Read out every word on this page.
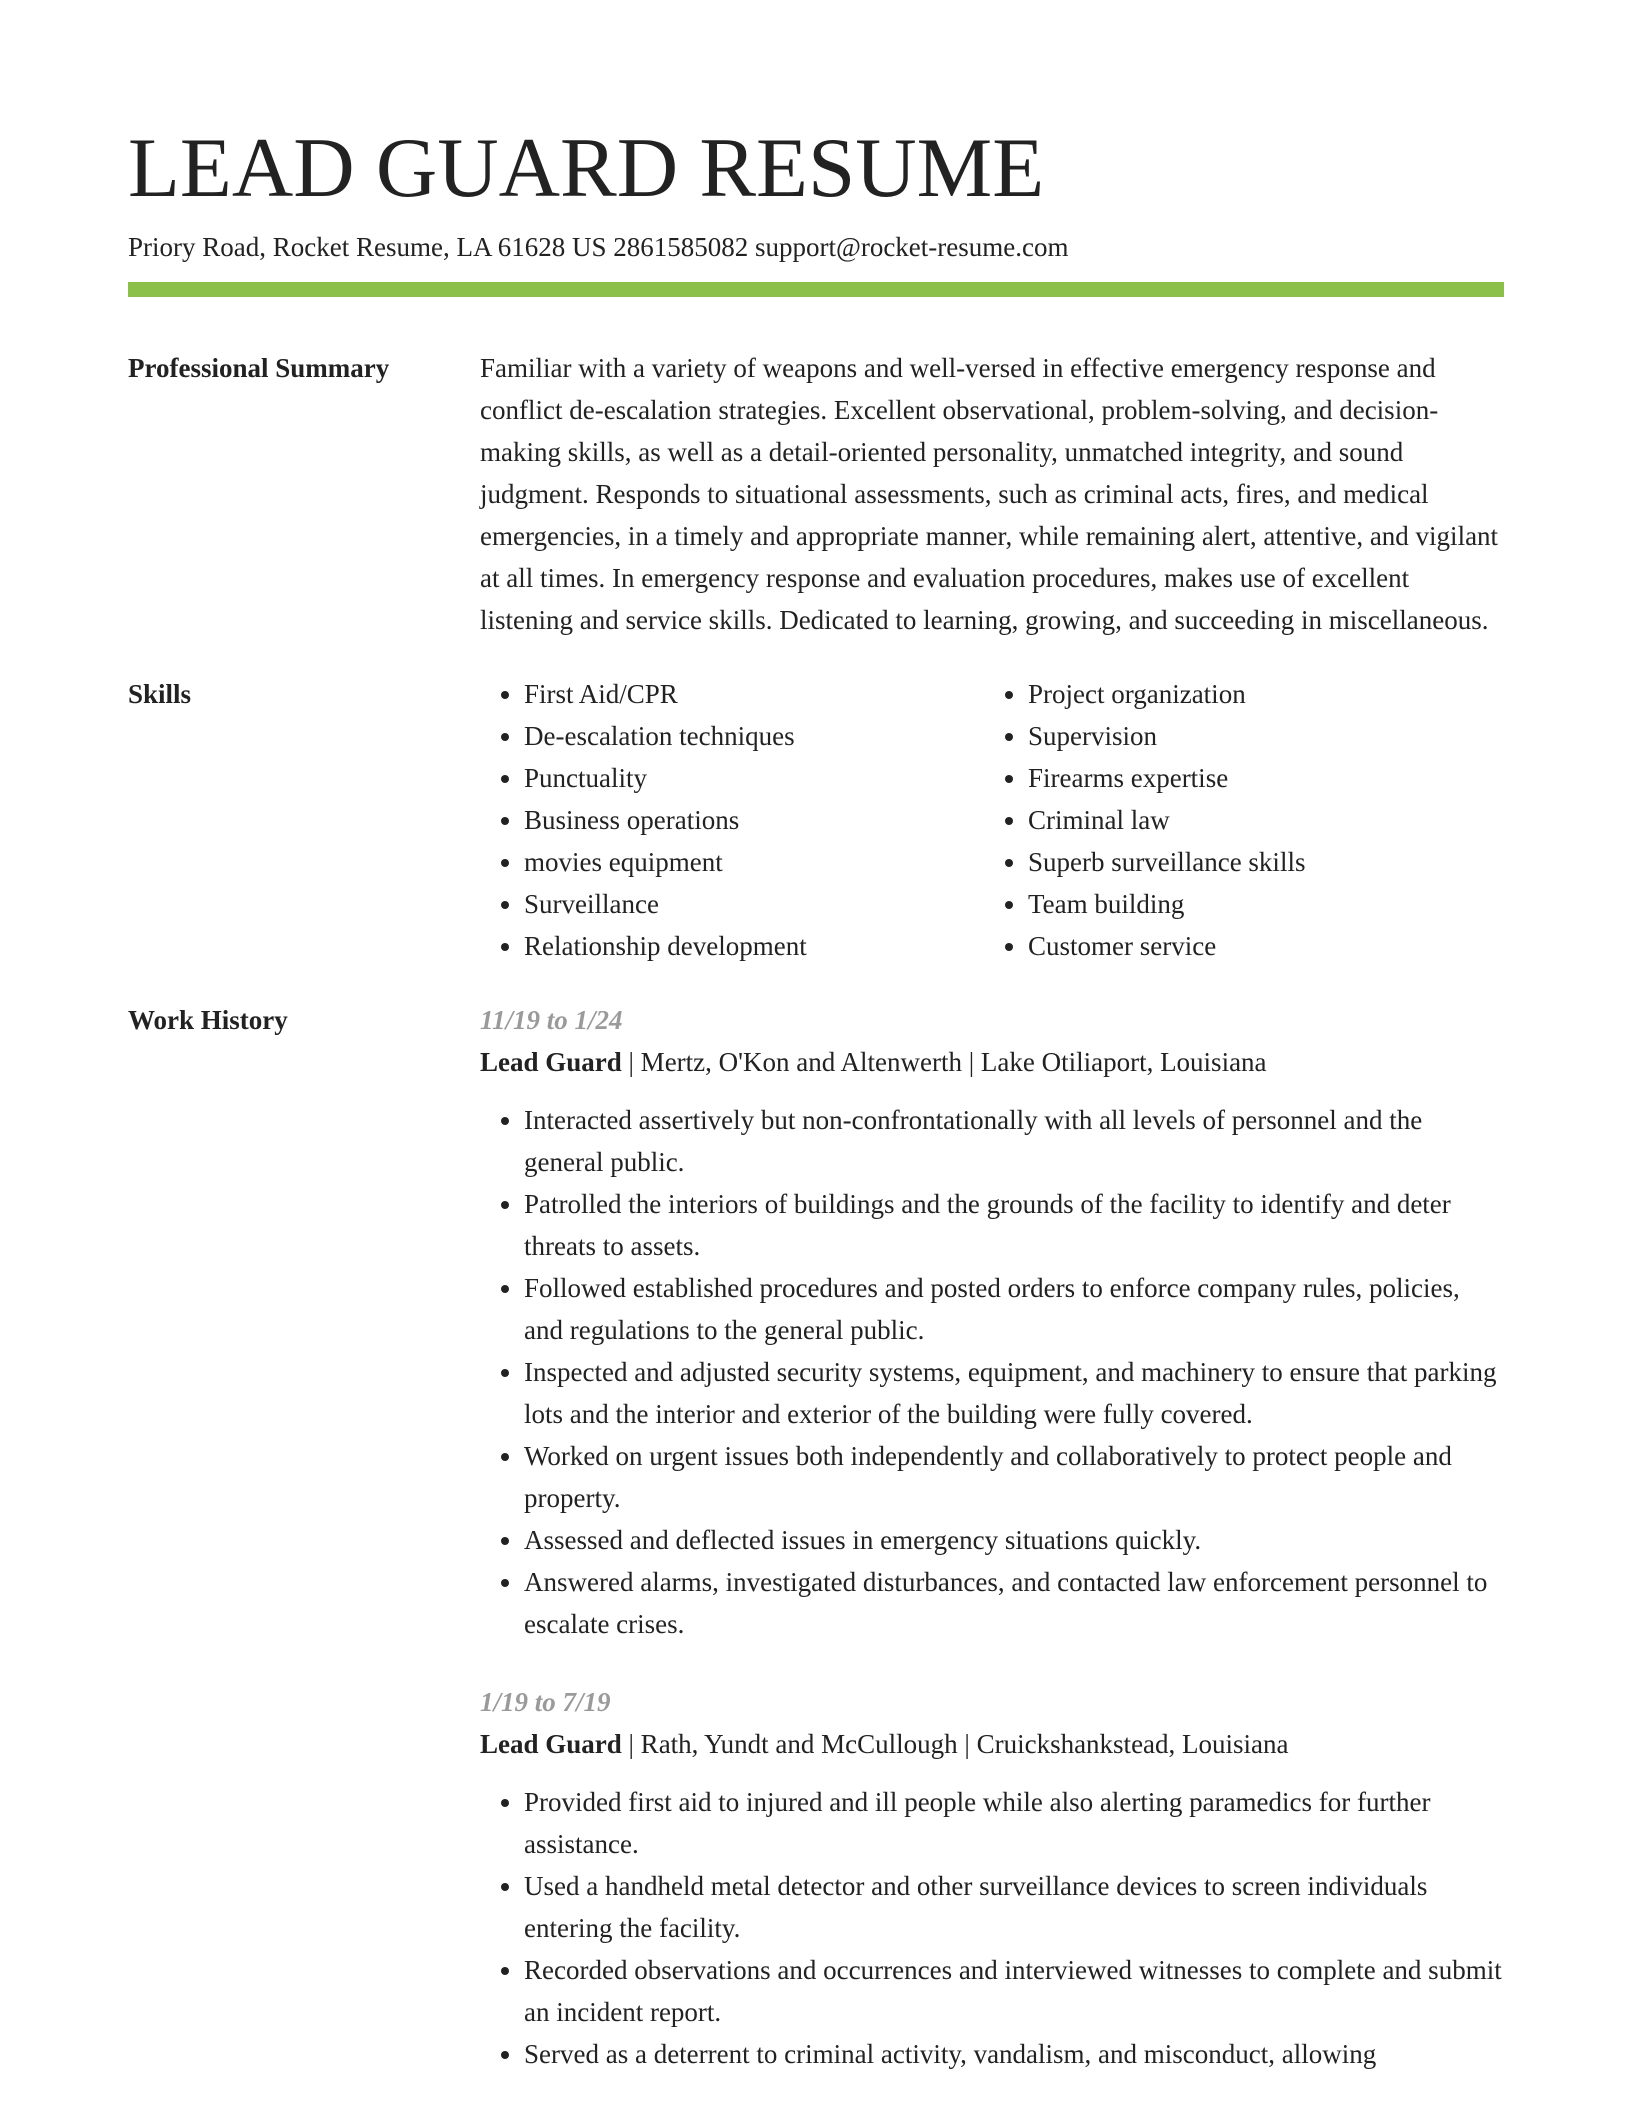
LEAD GUARD RESUME
Priory Road, Rocket Resume, LA 61628 US 2861585082 support@rocket-resume.com
Professional Summary	Familiar with a variety of weapons and well-versed in effective emergency response and conflict de-escalation strategies. Excellent observational, problem-solving, and decision-making skills, as well as a detail-oriented personality, unmatched integrity, and sound judgment. Responds to situational assessments, such as criminal acts, fires, and medical emergencies, in a timely and appropriate manner, while remaining alert, attentive, and vigilant at all times. In emergency response and evaluation procedures, makes use of excellent listening and service skills. Dedicated to learning, growing, and succeeding in miscellaneous.

Skills
•	First Aid/CPR
• De-escalation techniques
• Punctuality
• Business operations
• movies equipment
• Surveillance
• Relationship development
• Project organization
• Supervision
• Firearms expertise
• Criminal law
• Superb surveillance skills
• Team building
• Customer service
Work History	11/19 to 1/24
Lead Guard | Mertz, O'Kon and Altenwerth | Lake Otiliaport, Louisiana
• Interacted assertively but non-confrontationally with all levels of personnel and the general public.
• Patrolled the interiors of buildings and the grounds of the facility to identify and deter threats to assets.
• Followed established procedures and posted orders to enforce company rules, policies, and regulations to the general public.
• Inspected and adjusted security systems, equipment, and machinery to ensure that parking lots and the interior and exterior of the building were fully covered.
• Worked on urgent issues both independently and collaboratively to protect people and property.
• Assessed and deflected issues in emergency situations quickly.
• Answered alarms, investigated disturbances, and contacted law enforcement personnel to escalate crises.
1/19 to 7/19
Lead Guard | Rath, Yundt and McCullough | Cruickshankstead, Louisiana
• Provided first aid to injured and ill people while also alerting paramedics for further assistance.
• Used a handheld metal detector and other surveillance devices to screen individuals entering the facility.
• Recorded observations and occurrences and interviewed witnesses to complete and submit an incident report.
• Served as a deterrent to criminal activity, vandalism, and misconduct, allowing
